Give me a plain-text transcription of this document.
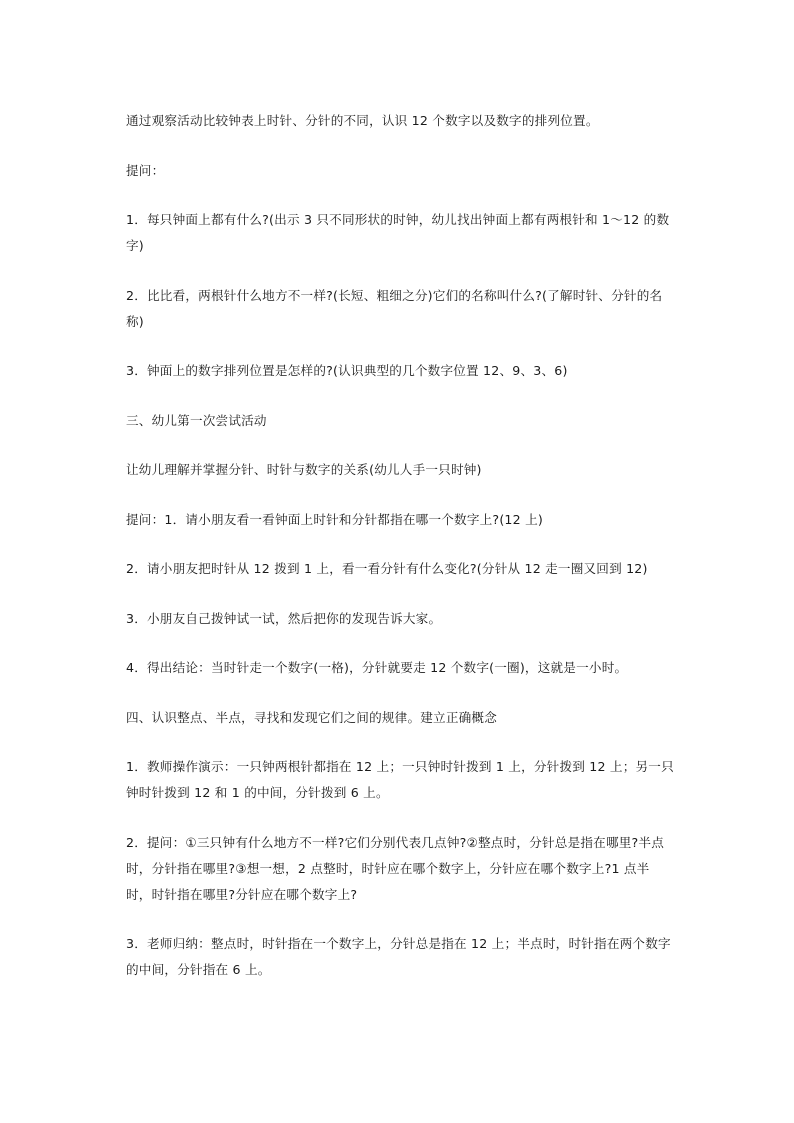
通过观察活动比较钟表上时针、分针的不同，认识 12 个数字以及数字的排列位置。

提问：

1．每只钟面上都有什么?(出示 3 只不同形状的时钟，幼儿找出钟面上都有两根针和 1～12 的数字)

2．比比看，两根针什么地方不一样?(长短、粗细之分)它们的名称叫什么?(了解时针、分针的名称)

3．钟面上的数字排列位置是怎样的?(认识典型的几个数字位置 12、9、3、6)

三、幼儿第一次尝试活动

让幼儿理解并掌握分针、时针与数字的关系(幼儿人手一只时钟)

提问：1．请小朋友看一看钟面上时针和分针都指在哪一个数字上?(12 上)

2．请小朋友把时针从 12 拨到 1 上，看一看分针有什么变化?(分针从 12 走一圈又回到 12)

3．小朋友自己拨钟试一试，然后把你的发现告诉大家。

4．得出结论：当时针走一个数字(一格)，分针就要走 12 个数字(一圈)，这就是一小时。

四、认识整点、半点，寻找和发现它们之间的规律。建立正确概念

1．教师操作演示：一只钟两根针都指在 12 上；一只钟时针拨到 1 上，分针拨到 12 上；另一只钟时针拨到 12 和 1 的中间，分针拨到 6 上。

2．提问：①三只钟有什么地方不一样?它们分别代表几点钟?②整点时，分针总是指在哪里?半点时，分针指在哪里?③想一想，2 点整时，时针应在哪个数字上，分针应在哪个数字上?1 点半时，时针指在哪里?分针应在哪个数字上?

3．老师归纳：整点时，时针指在一个数字上，分针总是指在 12 上；半点时，时针指在两个数字的中间，分针指在 6 上。
